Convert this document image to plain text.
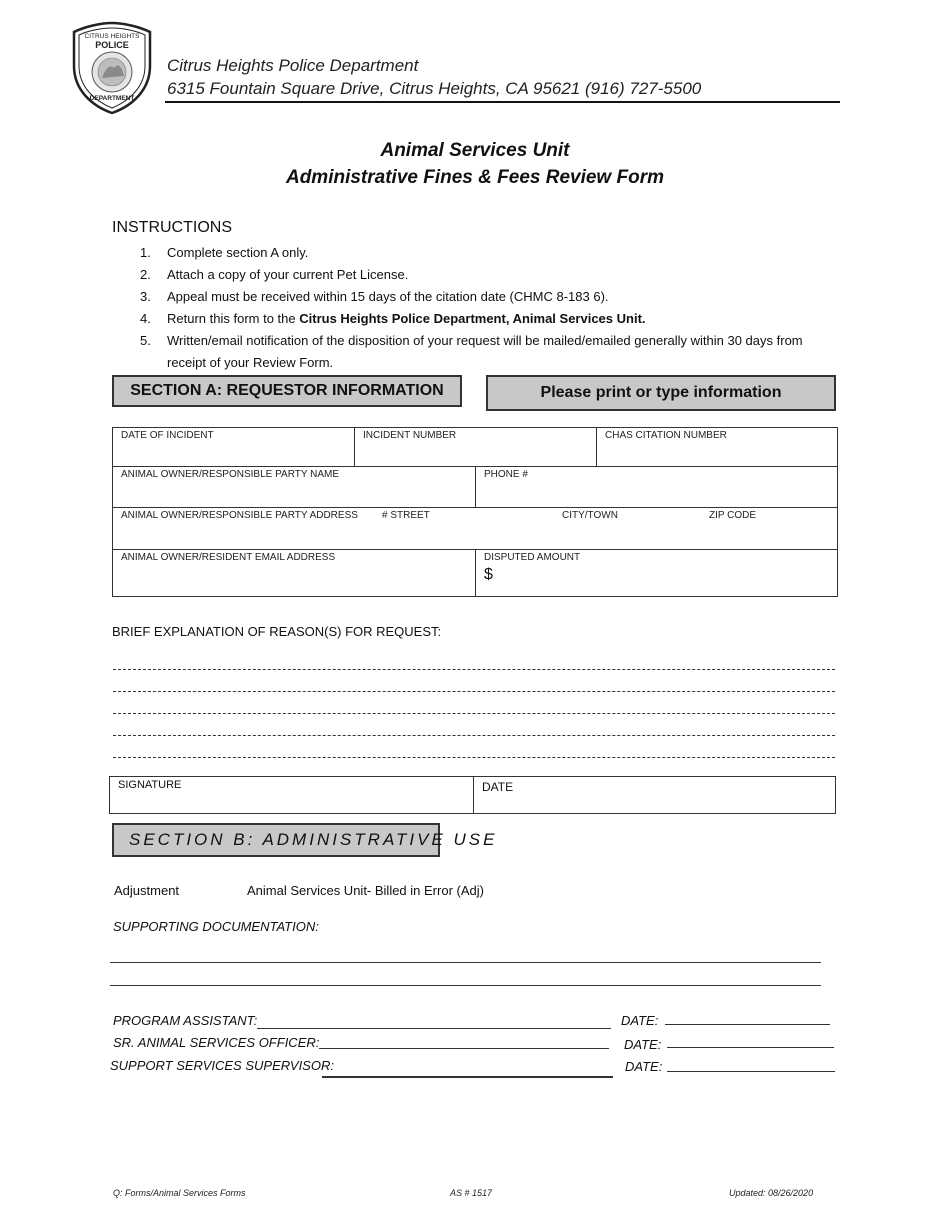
CITRUS HEIGHTS
POLICE
DEPARTMENT
Citrus Heights Police Department
6315 Fountain Square Drive, Citrus Heights, CA 95621 (916) 727-5500
Animal Services Unit
Administrative Fines & Fees Review Form
INSTRUCTIONS
1.	Complete section A only.
2.	Attach a copy of your current Pet License.
3.	Appeal must be received within 15 days of the citation date (CHMC 8-183 6).
4.	Return this form to the Citrus Heights Police Department, Animal Services Unit.
5.	Written/email notification of the disposition of your request will be mailed/emailed generally within 30 days from receipt of your Review Form.
SECTION A: REQUESTOR INFORMATION	Please print or type information
DATE OF INCIDENT	INCIDENT NUMBER	CHAS CITATION NUMBER
ANIMAL OWNER/RESPONSIBLE PARTY NAME	PHONE #
ANIMAL OWNER/RESPONSIBLE PARTY ADDRESS # STREET	CITY/TOWN	ZIP CODE
ANIMAL OWNER/RESIDENT EMAIL ADDRESS	DISPUTED AMOUNT
$
BRIEF EXPLANATION OF REASON(S) FOR REQUEST:
SIGNATURE	DATE
SECTION B: ADMINISTRATIVE USE
Adjustment	Animal Services Unit- Billed in Error (Adj)
SUPPORTING DOCUMENTATION:
PROGRAM ASSISTANT:	DATE:
SR. ANIMAL SERVICES OFFICER:	DATE:
SUPPORT SERVICES SUPERVISOR:	DATE:
Q: Forms/Animal Services Forms	AS # 1517	Updated: 08/26/2020
